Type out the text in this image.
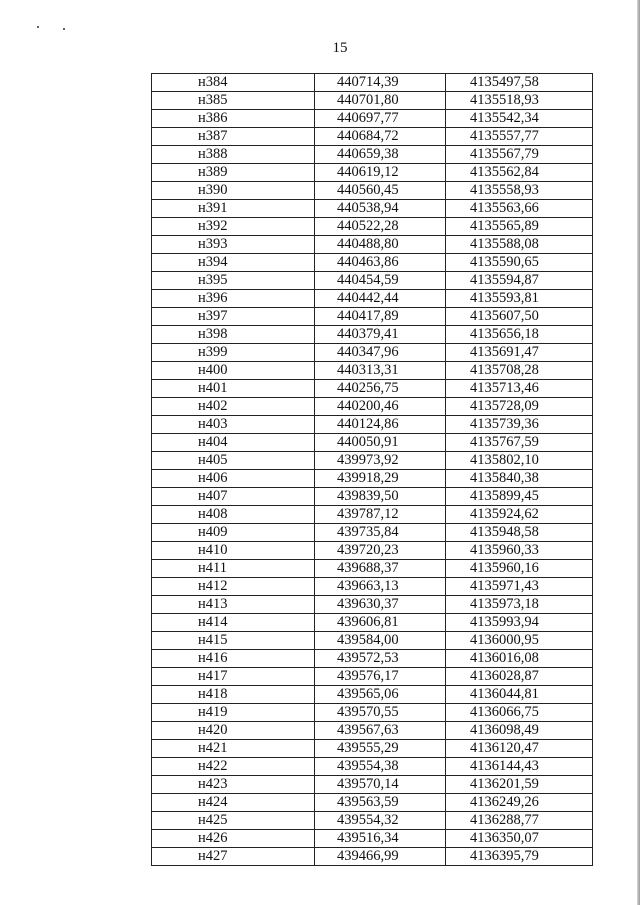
15
н384	440714,39	4135497,58
н385	440701,80	4135518,93
н386	440697,77	4135542,34
н387	440684,72	4135557,77
н388	440659,38	4135567,79
н389	440619,12	4135562,84
н390	440560,45	4135558,93
н391	440538,94	4135563,66
н392	440522,28	4135565,89
н393	440488,80	4135588,08
н394	440463,86	4135590,65
н395	440454,59	4135594,87
н396	440442,44	4135593,81
н397	440417,89	4135607,50
н398	440379,41	4135656,18
н399	440347,96	4135691,47
н400	440313,31	4135708,28
н401	440256,75	4135713,46
н402	440200,46	4135728,09
н403	440124,86	4135739,36
н404	440050,91	4135767,59
н405	439973,92	4135802,10
н406	439918,29	4135840,38
н407	439839,50	4135899,45
н408	439787,12	4135924,62
н409	439735,84	4135948,58
н410	439720,23	4135960,33
н411	439688,37	4135960,16
н412	439663,13	4135971,43
н413	439630,37	4135973,18
н414	439606,81	4135993,94
н415	439584,00	4136000,95
н416	439572,53	4136016,08
н417	439576,17	4136028,87
н418	439565,06	4136044,81
н419	439570,55	4136066,75
н420	439567,63	4136098,49
н421	439555,29	4136120,47
н422	439554,38	4136144,43
н423	439570,14	4136201,59
н424	439563,59	4136249,26
н425	439554,32	4136288,77
н426	439516,34	4136350,07
н427	439466,99	4136395,79
